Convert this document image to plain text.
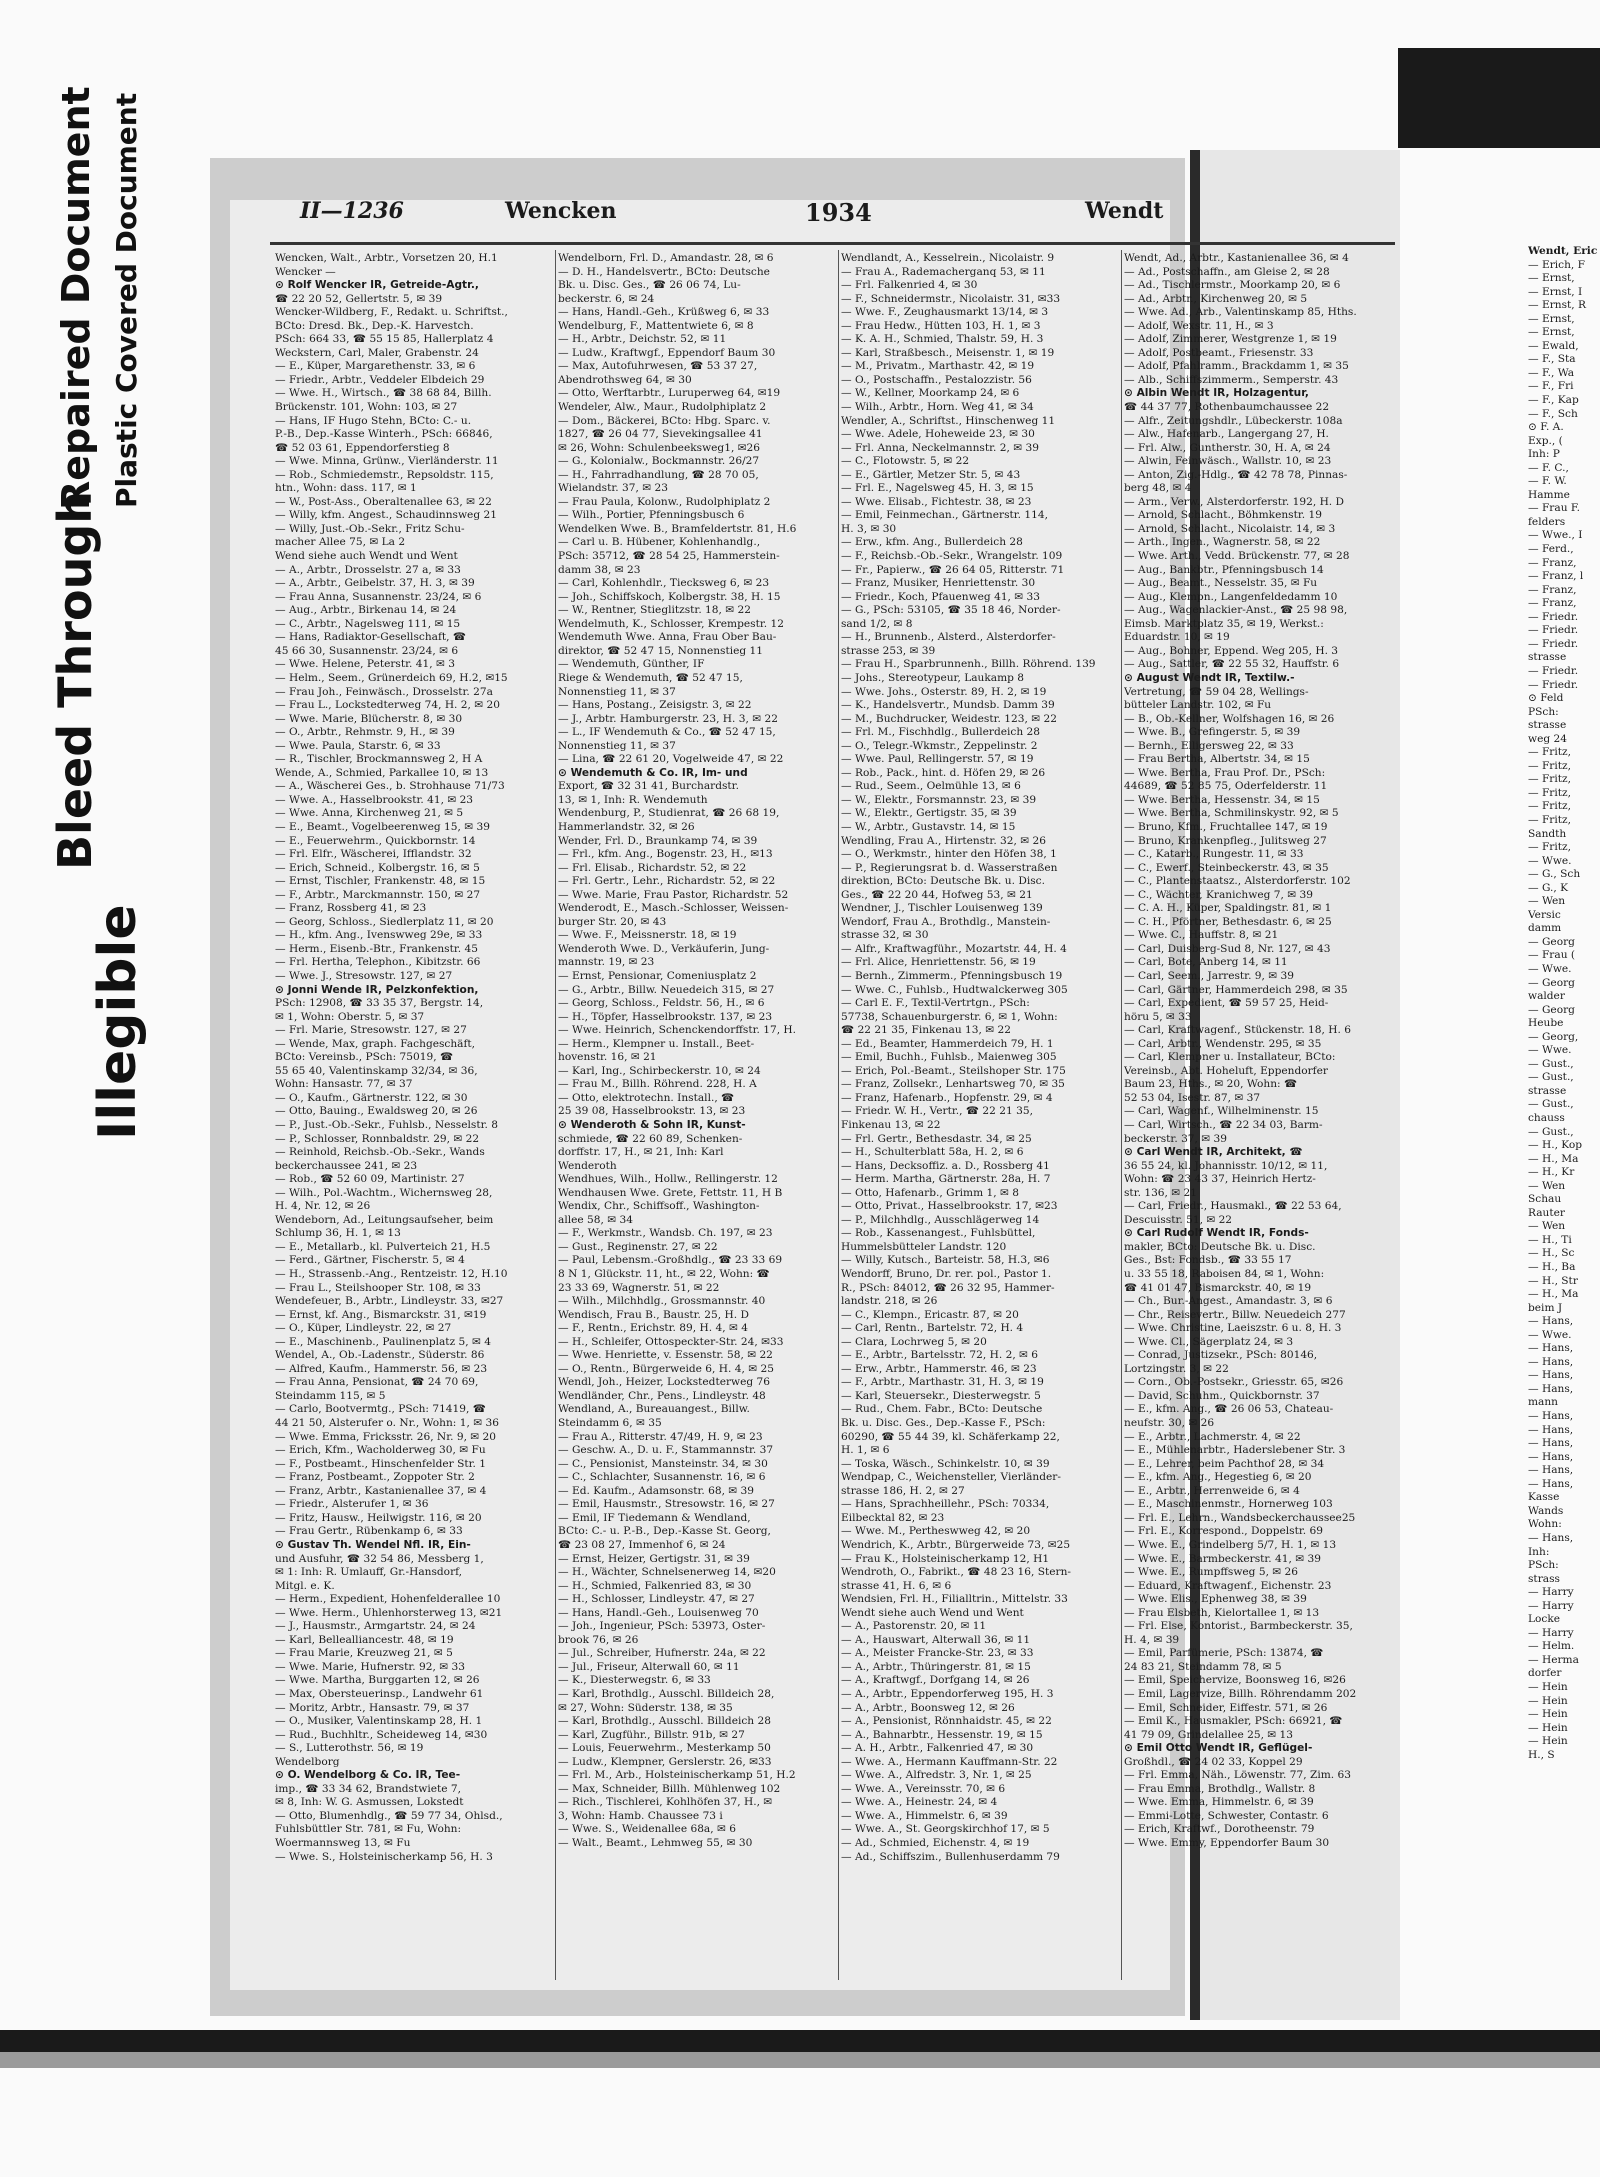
Illegible
Bleed Through
Repaired Document Plastic Covered Document	II—1236	Wencken	1934	Wendt
Wencken, Walt., Arbtr., Vorsetzen 20, H.1
Wencker —
⊙ Rolf Wencker IR, Getreide-Agtr.,
☎ 22 20 52, Gellertstr. 5, ✉ 39
Wencker-Wildberg, F., Redakt. u. Schriftst.,
BCto: Dresd. Bk., Dep.-K. Harvestch.
PSch: 664 33, ☎ 55 15 85, Hallerplatz 4
Weckstern, Carl, Maler, Grabenstr. 24
— E., Küper, Margarethenstr. 33, ✉ 6
— Friedr., Arbtr., Veddeler Elbdeich 29
— Wwe. H., Wirtsch., ☎ 38 68 84, Billh.
Brückenstr. 101, Wohn: 103, ✉ 27
— Hans, IF Hugo Stehn, BCto: C.- u.
P.-B., Dep.-Kasse Winterh., PSch: 66846,
☎ 52 03 61, Eppendorferstieg 8
— Wwe. Minna, Grünw., Vierländerstr. 11
— Rob., Schmiedemstr., Repsoldstr. 115,
htn., Wohn: dass. 117, ✉ 1
— W., Post-Ass., Oberaltenallee 63, ✉ 22
— Willy, kfm. Angest., Schaudinnsweg 21
— Willy, Just.-Ob.-Sekr., Fritz Schu-
macher Allee 75, ✉ La 2
Wend siehe auch Wendt und Went
— A., Arbtr., Drosselstr. 27 a, ✉ 33
— A., Arbtr., Geibelstr. 37, H. 3, ✉ 39
— Frau Anna, Susannenstr. 23/24, ✉ 6
— Aug., Arbtr., Birkenau 14, ✉ 24
— C., Arbtr., Nagelsweg 111, ✉ 15
— Hans, Radiaktor-Gesellschaft, ☎
45 66 30, Susannenstr. 23/24, ✉ 6
— Wwe. Helene, Peterstr. 41, ✉ 3
— Helm., Seem., Grünerdeich 69, H.2, ✉15
— Frau Joh., Feinwäsch., Drosselstr. 27a
— Frau L., Lockstedterweg 74, H. 2, ✉ 20
— Wwe. Marie, Blücherstr. 8, ✉ 30
— O., Arbtr., Rehmstr. 9, H., ✉ 39
— Wwe. Paula, Starstr. 6, ✉ 33
— R., Tischler, Brockmannsweg 2, H A
Wende, A., Schmied, Parkallee 10, ✉ 13
— A., Wäscherei Ges., b. Strohhause 71/73
— Wwe. A., Hasselbrookstr. 41, ✉ 23
— Wwe. Anna, Kirchenweg 21, ✉ 5
— E., Beamt., Vogelbeerenweg 15, ✉ 39
— E., Feuerwehrm., Quickbornstr. 14
— Frl. Elfr., Wäscherei, Ifflandstr. 32
— Erich, Schneid., Kolbergstr. 16, ✉ 5
— Ernst, Tischler, Frankenstr. 48, ✉ 15
— F., Arbtr., Marckmannstr. 150, ✉ 27
— Franz, Rossberg 41, ✉ 23
— Georg, Schloss., Siedlerplatz 11, ✉ 20
— H., kfm. Ang., Ivenswweg 29e, ✉ 33
— Herm., Eisenb.-Btr., Frankenstr. 45
— Frl. Hertha, Telephon., Kibitzstr. 66
— Wwe. J., Stresowstr. 127, ✉ 27
⊙ Jonni Wende IR, Pelzkonfektion,
PSch: 12908, ☎ 33 35 37, Bergstr. 14,
✉ 1, Wohn: Oberstr. 5, ✉ 37
— Frl. Marie, Stresowstr. 127, ✉ 27
— Wende, Max, graph. Fachgeschäft,
BCto: Vereinsb., PSch: 75019, ☎
55 65 40, Valentinskamp 32/34, ✉ 36,
Wohn: Hansastr. 77, ✉ 37
— O., Kaufm., Gärtnerstr. 122, ✉ 30
— Otto, Bauing., Ewaldsweg 20, ✉ 26
— P., Just.-Ob.-Sekr., Fuhlsb., Nesselstr. 8
— P., Schlosser, Ronnbaldstr. 29, ✉ 22
— Reinhold, Reichsb.-Ob.-Sekr., Wands
beckerchaussee 241, ✉ 23
— Rob., ☎ 52 60 09, Martinistr. 27
— Wilh., Pol.-Wachtm., Wichernsweg 28,
H. 4, Nr. 12, ✉ 26
Wendeborn, Ad., Leitungsaufseher, beim
Schlump 36, H. 1, ✉ 13
— E., Metallarb., kl. Pulverteich 21, H.5
— Ferd., Gärtner, Fischerstr. 5, ✉ 4
— H., Strassenb.-Ang., Rentzeistr. 12, H.10
— Frau L., Steilshooper Str. 108, ✉ 33
Wendefeuer, B., Arbtr., Lindleystr. 33, ✉27
— Ernst, kf. Ang., Bismarckstr. 31, ✉19
— O., Küper, Lindleystr. 22, ✉ 27
— E., Maschinenb., Paulinenplatz 5, ✉ 4
Wendel, A., Ob.-Ladenstr., Süderstr. 86
— Alfred, Kaufm., Hammerstr. 56, ✉ 23
— Frau Anna, Pensionat, ☎ 24 70 69,
Steindamm 115, ✉ 5
— Carlo, Bootvermtg., PSch: 71419, ☎
44 21 50, Alsterufer o. Nr., Wohn: 1, ✉ 36
— Wwe. Emma, Fricksstr. 26, Nr. 9, ✉ 20
— Erich, Kfm., Wacholderweg 30, ✉ Fu
— F., Postbeamt., Hinschenfelder Str. 1
— Franz, Postbeamt., Zoppoter Str. 2
— Franz, Arbtr., Kastanienallee 37, ✉ 4
— Friedr., Alsterufer 1, ✉ 36
— Fritz, Hausw., Heilwigstr. 116, ✉ 20
— Frau Gertr., Rübenkamp 6, ✉ 33
⊙ Gustav Th. Wendel Nfl. IR, Ein-
und Ausfuhr, ☎ 32 54 86, Messberg 1,
✉ 1: Inh: R. Umlauff, Gr.-Hansdorf,
Mitgl. e. K.
— Herm., Expedient, Hohenfelderallee 10
— Wwe. Herm., Uhlenhorsterweg 13, ✉21
— J., Hausmstr., Armgartstr. 24, ✉ 24
— Karl, Belleallianсestr. 48, ✉ 19
— Frau Marie, Kreuzweg 21, ✉ 5
— Wwe. Marie, Hufnerstr. 92, ✉ 33
— Wwe. Martha, Burggarten 12, ✉ 26
— Max, Obersteuerinsp., Landwehr 61
— Moritz, Arbtr., Hansastr. 79, ✉ 37
— O., Musiker, Valentinskamp 28, H. 1
— Rud., Buchhltr., Scheideweg 14, ✉30
— S., Lutterothstr. 56, ✉ 19
Wendelborg
⊙ O. Wendelborg & Co. IR, Tee-
imp., ☎ 33 34 62, Brandstwiete 7,
✉ 8, Inh: W. G. Asmussen, Lokstedt
— Otto, Blumenhdlg., ☎ 59 77 34, Ohlsd.,
Fuhlsbüttler Str. 781, ✉ Fu, Wohn:
Woermannsweg 13, ✉ Fu
— Wwe. S., Holsteinischerkamp 56, H. 3
Wendelborn, Frl. D., Amandastr. 28, ✉ 6
— D. H., Handelsvertr., BCto: Deutsche
Bk. u. Disc. Ges., ☎ 26 06 74, Lu-
beckerstr. 6, ✉ 24
— Hans, Handl.-Geh., Krüßweg 6, ✉ 33
Wendelburg, F., Mattentwiete 6, ✉ 8
— H., Arbtr., Deichstr. 52, ✉ 11
— Ludw., Kraftwgf., Eppendorf Baum 30
— Max, Autofuhrwesen, ☎ 53 37 27,
Abendrothsweg 64, ✉ 30
— Otto, Werftarbtr., Luruperweg 64, ✉19
Wendeler, Alw., Maur., Rudolphiplatz 2
— Dom., Bäckerei, BCto: Hbg. Sparc. v.
1827, ☎ 26 04 77, Sievekingsallee 41
✉ 26, Wohn: Schulenbeeksweg1, ✉26
— G., Kolonialw., Bockmannstr. 26/27
— H., Fahrradhandlung, ☎ 28 70 05,
Wielandstr. 37, ✉ 23
— Frau Paula, Kolonw., Rudolphiplatz 2
— Wilh., Portier, Pfenningsbusch 6
Wendelken Wwe. B., Bramfeldertstr. 81, H.6
— Carl u. B. Hübener, Kohlenhandlg.,
PSch: 35712, ☎ 28 54 25, Hammerstein-
damm 38, ✉ 23
— Carl, Kohlenhdlr., Tiecksweg 6, ✉ 23
— Joh., Schiffskoch, Kolbergstr. 38, H. 15
— W., Rentner, Stieglitzstr. 18, ✉ 22
Wendelmuth, K., Schlosser, Krempestr. 12
Wendemuth Wwe. Anna, Frau Ober Bau-
direktor, ☎ 52 47 15, Nonnenstieg 11
— Wendemuth, Günther, IF
Riege & Wendemuth, ☎ 52 47 15,
Nonnenstieg 11, ✉ 37
— Hans, Postang., Zeisigstr. 3, ✉ 22
— J., Arbtr. Hamburgerstr. 23, H. 3, ✉ 22
— L., IF Wendemuth & Co., ☎ 52 47 15,
Nonnenstieg 11, ✉ 37
— Lina, ☎ 22 61 20, Vogelweide 47, ✉ 22
⊙ Wendemuth & Co. IR, Im- und
Export, ☎ 32 31 41, Burchardstr.
13, ✉ 1, Inh: R. Wendemuth
Wendenburg, P., Studienrat, ☎ 26 68 19,
Hammerlandstr. 32, ✉ 26
Wender, Frl. D., Braunkamp 74, ✉ 39
— Frl., kfm. Ang., Bogenstr. 23, H., ✉13
— Frl. Elisab., Richardstr. 52, ✉ 22
— Frl. Gertr., Lehr., Richardstr. 52, ✉ 22
— Wwe. Marie, Frau Pastor, Richardstr. 52
Wenderodt, E., Masch.-Schlosser, Weissen-
burger Str. 20, ✉ 43
— Wwe. F., Meissnerstr. 18, ✉ 19
Wenderoth Wwe. D., Verkäuferin, Jung-
mannstr. 19, ✉ 23
— Ernst, Pensionar, Comeniusplatz 2
— G., Arbtr., Billw. Neuedeich 315, ✉ 27
— Georg, Schloss., Feldstr. 56, H., ✉ 6
— H., Töpfer, Hasselbrookstr. 137, ✉ 23
— Wwe. Heinrich, Schenckendorffstr. 17, H.
— Herm., Klempner u. Install., Beet-
hovenstr. 16, ✉ 21
— Karl, Ing., Schirbeckerstr. 10, ✉ 24
— Frau M., Billh. Röhrend. 228, H. A
— Otto, elektrotechn. Install., ☎
25 39 08, Hasselbrookstr. 13, ✉ 23
⊙ Wenderoth & Sohn IR, Kunst-
schmiede, ☎ 22 60 89, Schenken-
dorffstr. 17, H., ✉ 21, Inh: Karl
Wenderoth
Wendhues, Wilh., Hollw., Rellingerstr. 12
Wendhausen Wwe. Grete, Fettstr. 11, H B
Wendix, Chr., Schiffsoff., Washington-
allee 58, ✉ 34
— F., Werkmstr., Wandsb. Ch. 197, ✉ 23
— Gust., Reginenstr. 27, ✉ 22
— Paul, Lebensm.-Großhdlg., ☎ 23 33 69
8 N 1, Glückstr. 11, ht., ✉ 22, Wohn: ☎
23 33 69, Wagnerstr. 51, ✉ 22
— Wilh., Milchhdlg., Grossmannstr. 40
Wendisch, Frau B., Baustr. 25, H. D
— F., Rentn., Erichstr. 89, H. 4, ✉ 4
— H., Schleifer, Ottospeckter-Str. 24, ✉33
— Wwe. Henriette, v. Essenstr. 58, ✉ 22
— O., Rentn., Bürgerweide 6, H. 4, ✉ 25
Wendl, Joh., Heizer, Lockstedterweg 76
Wendländer, Chr., Pens., Lindleystr. 48
Wendland, A., Bureauangest., Billw.
Steindamm 6, ✉ 35
— Frau A., Ritterstr. 47/49, H. 9, ✉ 23
— Geschw. A., D. u. F., Stammannstr. 37
— C., Pensionist, Mansteinstr. 34, ✉ 30
— C., Schlachter, Susannenstr. 16, ✉ 6
— Ed. Kaufm., Adamsonstr. 68, ✉ 39
— Emil, Hausmstr., Stresowstr. 16, ✉ 27
— Emil, IF Tiedemann & Wendland,
BCto: C.- u. P.-B., Dep.-Kasse St. Georg,
☎ 23 08 27, Immenhof 6, ✉ 24
— Ernst, Heizer, Gertigstr. 31, ✉ 39
— H., Wächter, Schnelsenerweg 14, ✉20
— H., Schmied, Falkenried 83, ✉ 30
— H., Schlosser, Lindleystr. 47, ✉ 27
— Hans, Handl.-Geh., Louisenweg 70
— Joh., Ingenieur, PSch: 53973, Oster-
brook 76, ✉ 26
— Jul., Schreiber, Hufnerstr. 24a, ✉ 22
— Jul., Friseur, Alterwall 60, ✉ 11
— K., Diesterwegstr. 6, ✉ 33
— Karl, Brothdlg., Ausschl. Billdeich 28,
✉ 27, Wohn: Süderstr. 138, ✉ 35
— Karl, Brothdlg., Ausschl. Billdeich 28
— Karl, Zugführ., Billstr. 91b, ✉ 27
— Louis, Feuerwehrm., Mesterkamp 50
— Ludw., Klempner, Gerslerstr. 26, ✉33
— Frl. M., Arb., Holsteinischerkamp 51, H.2
— Max, Schneider, Billh. Mühlenweg 102
— Rich., Tischlerei, Kohlhöfen 37, H., ✉
3, Wohn: Hamb. Chaussee 73 i
— Wwe. S., Weidenallee 68a, ✉ 6
— Walt., Beamt., Lehmweg 55, ✉ 30
Wendlandt, A., Kesselrein., Nicolaistr. 9
— Frau A., Rademacherganq 53, ✉ 11
— Frl. Falkenried 4, ✉ 30
— F., Schneidermstr., Nicolaistr. 31, ✉33
— Wwe. F., Zeughausmarkt 13/14, ✉ 3
— Frau Hedw., Hütten 103, H. 1, ✉ 3
— K. A. H., Schmied, Thalstr. 59, H. 3
— Karl, Straßbesch., Meisenstr. 1, ✉ 19
— M., Privatm., Marthastr. 42, ✉ 19
— O., Postschaffn., Pestalozzistr. 56
— W., Kellner, Moorkamp 24, ✉ 6
— Wilh., Arbtr., Horn. Weg 41, ✉ 34
Wendler, A., Schriftst., Hinschenweg 11
— Wwe. Adele, Hoheweide 23, ✉ 30
— Frl. Anna, Neckelmannstr. 2, ✉ 39
— C., Flotowstr. 5, ✉ 22
— E., Gärtler, Metzer Str. 5, ✉ 43
— Frl. E., Nagelsweg 45, H. 3, ✉ 15
— Wwe. Elisab., Fichtestr. 38, ✉ 23
— Emil, Feinmechan., Gärtnerstr. 114,
H. 3, ✉ 30
— Erw., kfm. Ang., Bullerdeich 28
— F., Reichsb.-Ob.-Sekr., Wrangelstr. 109
— Fr., Papierw., ☎ 26 64 05, Ritterstr. 71
— Franz, Musiker, Henriettenstr. 30
— Friedr., Koch, Pfauenweg 41, ✉ 33
— G., PSch: 53105, ☎ 35 18 46, Norder-
sand 1/2, ✉ 8
— H., Brunnenb., Alsterd., Alsterdorfer-
strasse 253, ✉ 39
— Frau H., Sparbrunnenh., Billh. Röhrend. 139
— Johs., Stereotypeur, Laukamp 8
— Wwe. Johs., Osterstr. 89, H. 2, ✉ 19
— K., Handelsvertr., Mundsb. Damm 39
— M., Buchdrucker, Weidestr. 123, ✉ 22
— Frl. M., Fischhdlg., Bullerdeich 28
— O., Telegr.-Wkmstr., Zeppelinstr. 2
— Wwe. Paul, Rellingerstr. 57, ✉ 19
— Rob., Pack., hint. d. Höfen 29, ✉ 26
— Rud., Seem., Oelmühle 13, ✉ 6
— W., Elektr., Forsmannstr. 23, ✉ 39
— W., Elektr., Gertigstr. 35, ✉ 39
— W., Arbtr., Gustavstr. 14, ✉ 15
Wendling, Frau A., Hirtenstr. 32, ✉ 26
— O., Werkmstr., hinter den Höfen 38, 1
— P., Regierungsrat b. d. Wasserstraßen
direktion, BCto: Deutsche Bk. u. Disc.
Ges., ☎ 22 20 44, Hofweg 53, ✉ 21
Wendner, J., Tischler Louisenweg 139
Wendorf, Frau A., Brothdlg., Manstein-
strasse 32, ✉ 30
— Alfr., Kraftwagführ., Mozartstr. 44, H. 4
— Frl. Alice, Henriettenstr. 56, ✉ 19
— Bernh., Zimmerm., Pfenningsbusch 19
— Wwe. C., Fuhlsb., Hudtwalckerweg 305
— Carl E. F., Textil-Vertrtgn., PSch:
57738, Schauenburgerstr. 6, ✉ 1, Wohn:
☎ 22 21 35, Finkenau 13, ✉ 22
— Ed., Beamter, Hammerdeich 79, H. 1
— Emil, Buchh., Fuhlsb., Maienweg 305
— Erich, Pol.-Beamt., Steilshoper Str. 175
— Franz, Zollsekr., Lenhartsweg 70, ✉ 35
— Franz, Hafenarb., Hopfenstr. 29, ✉ 4
— Friedr. W. H., Vertr., ☎ 22 21 35,
Finkenau 13, ✉ 22
— Frl. Gertr., Bethesdastr. 34, ✉ 25
— H., Schulterblatt 58a, H. 2, ✉ 6
— Hans, Decksoffiz. a. D., Rossberg 41
— Herm. Martha, Gärtnerstr. 28a, H. 7
— Otto, Hafenarb., Grimm 1, ✉ 8
— Otto, Privat., Hasselbrookstr. 17, ✉23
— P., Milchhdlg., Ausschlägerweg 14
— Rob., Kassenangest., Fuhlsbüttel,
Hummelsbütteler Landstr. 120
— Willy, Kutsch., Barteistr. 58, H.3, ✉6
Wendorff, Bruno, Dr. rer. pol., Pastor 1.
R., PSch: 84012, ☎ 26 32 95, Hammer-
landstr. 218, ✉ 26
— C., Klempn., Ericastr. 87, ✉ 20
— Carl, Rentn., Bartelstr. 72, H. 4
— Clara, Lochrweg 5, ✉ 20
— E., Arbtr., Bartelsstr. 72, H. 2, ✉ 6
— Erw., Arbtr., Hammerstr. 46, ✉ 23
— F., Arbtr., Marthastr. 31, H. 3, ✉ 19
— Karl, Steuersekr., Diesterwegstr. 5
— Rud., Chem. Fabr., BCto: Deutsche
Bk. u. Disc. Ges., Dep.-Kasse F., PSch:
60290, ☎ 55 44 39, kl. Schäferkamp 22,
H. 1, ✉ 6
— Toska, Wäsch., Schinkelstr. 10, ✉ 39
Wendpap, C., Weichensteller, Vierländer-
strasse 186, H. 2, ✉ 27
— Hans, Sprachheillehr., PSch: 70334,
Eilbecktal 82, ✉ 23
— Wwe. M., Pertheswweg 42, ✉ 20
Wendrich, K., Arbtr., Bürgerweide 73, ✉25
— Frau K., Holsteinischerkamp 12, H1
Wendroth, O., Fabrikt., ☎ 48 23 16, Stern-
strasse 41, H. 6, ✉ 6
Wendsien, Frl. H., Filialltrin., Mittelstr. 33
Wendt siehe auch Wend und Went
— A., Pastorenstr. 20, ✉ 11
— A., Hauswart, Alterwall 36, ✉ 11
— A., Meister Francke-Str. 23, ✉ 33
— A., Arbtr., Thüringerstr. 81, ✉ 15
— A., Kraftwgf., Dorfgang 14, ✉ 26
— A., Arbtr., Eppendorferweg 195, H. 3
— A., Arbtr., Boonsweg 12, ✉ 26
— A., Pensionist, Rönnhaidstr. 45, ✉ 22
— A., Bahnarbtr., Hessenstr. 19, ✉ 15
— A. H., Arbtr., Falkenried 47, ✉ 30
— Wwe. A., Hermann Kauffmann-Str. 22
— Wwe. A., Alfredstr. 3, Nr. 1, ✉ 25
— Wwe. A., Vereinsstr. 70, ✉ 6
— Wwe. A., Heinestr. 24, ✉ 4
— Wwe. A., Himmelstr. 6, ✉ 39
— Wwe. A., St. Georgskirchhof 17, ✉ 5
— Ad., Schmied, Eichenstr. 4, ✉ 19
— Ad., Schiffszim., Bullenhuserdamm 79
Wendt, Ad., Arbtr., Kastanienallee 36, ✉ 4
— Ad., Postschaffn., am Gleise 2, ✉ 28
— Ad., Tischlermstr., Moorkamp 20, ✉ 6
— Ad., Arbtr., Kirchenweg 20, ✉ 5
— Wwe. Ad., Arb., Valentinskamp 85, Hths.
— Adolf, Wexstr. 11, H., ✉ 3
— Adolf, Zimmerer, Westgrenze 1, ✉ 19
— Adolf, Postbeamt., Friesenstr. 33
— Adolf, Pfahlramm., Brackdamm 1, ✉ 35
— Alb., Schiffszimmerm., Semperstr. 43
⊙ Albin Wendt IR, Holzagentur,
☎ 44 37 77, Rothenbaumchaussee 22
— Alfr., Zeitungshdlr., Lübeckerstr. 108a
— Alw., Hafenarb., Langergang 27, H.
— Frl. Alw., Guntherstr. 30, H. A, ✉ 24
— Alwin, Feinwäsch., Wallstr. 10, ✉ 23
— Anton, Zig.-Hdlg., ☎ 42 78 78, Pinnas-
berg 48, ✉ 4
— Arm., Verw., Alsterdorferstr. 192, H. D
— Arnold, Schlacht., Böhmkenstr. 19
— Arnold, Schlacht., Nicolaistr. 14, ✉ 3
— Arth., Ingen., Wagnerstr. 58, ✉ 22
— Wwe. Arth., Vedd. Brückenstr. 77, ✉ 28
— Aug., Bankbtr., Pfenningsbusch 14
— Aug., Beamt., Nesselstr. 35, ✉ Fu
— Aug., Klempn., Langenfeldedamm 10
— Aug., Wagenlackier-Anst., ☎ 25 98 98,
Eimsb. Marktplatz 35, ✉ 19, Werkst.:
Eduardstr. 10, ✉ 19
— Aug., Bohner, Eppend. Weg 205, H. 3
— Aug., Sattler, ☎ 22 55 32, Hauffstr. 6
⊙ August Wendt IR, Textilw.-
Vertretung, ☎ 59 04 28, Wellings-
bütteler Landstr. 102, ✉ Fu
— B., Ob.-Kellner, Wolfshagen 16, ✉ 26
— Wwe. B., Grefingerstr. 5, ✉ 39
— Bernh., Elligersweg 22, ✉ 33
— Frau Bertha, Albertstr. 34, ✉ 15
— Wwe. Bertha, Frau Prof. Dr., PSch:
44689, ☎ 52 85 75, Oderfelderstr. 11
— Wwe. Bertha, Hessenstr. 34, ✉ 15
— Wwe. Bertha, Schmilinskystr. 92, ✉ 5
— Bruno, Kfm., Fruchtallee 147, ✉ 19
— Bruno, Krankenpfleg., Julitsweg 27
— C., Katarb., Rungestr. 11, ✉ 33
— C., Ewerf., Steinbeckerstr. 43, ✉ 35
— C., Plantenstaatsz., Alsterdorferstr. 102
— C., Wächter, Kranichweg 7, ✉ 39
— C. A. H., Küper, Spaldingstr. 81, ✉ 1
— C. H., Pförtner, Bethesdastr. 6, ✉ 25
— Wwe. C., Hauffstr. 8, ✉ 21
— Carl, Duisberg-Sud 8, Nr. 127, ✉ 43
— Carl, Bote, Anberg 14, ✉ 11
— Carl, Seem., Jarrestr. 9, ✉ 39
— Carl, Gärtner, Hammerdeich 298, ✉ 35
— Carl, Expedient, ☎ 59 57 25, Heid-
höru 5, ✉ 33
— Carl, Kraftwagenf., Stückenstr. 18, H. 6
— Carl, Arbtr., Wendenstr. 295, ✉ 35
— Carl, Klempner u. Installateur, BCto:
Vereinsb., Abt. Hoheluft, Eppendorfer
Baum 23, Hths., ✉ 20, Wohn: ☎
52 53 04, Isestr. 87, ✉ 37
— Carl, Wagenf., Wilhelminenstr. 15
— Carl, Wirtsch., ☎ 22 34 03, Barm-
beckerstr. 37, ✉ 39
⊙ Carl Wendt IR, Architekt, ☎
36 55 24, kl. Johannisstr. 10/12, ✉ 11,
Wohn: ☎ 23 43 37, Heinrich Hertz-
str. 136, ✉ 21
— Carl, Friedr., Hausmakl., ☎ 22 53 64,
Descuisstr. 51, ✉ 22
⊙ Carl Rudolf Wendt IR, Fonds-
makler, BCto: Deutsche Bk. u. Disc.
Ges., Bst: Fondsb., ☎ 33 55 17
u. 33 55 18, Raboisen 84, ✉ 1, Wohn:
☎ 41 01 47, Bismarckstr. 40, ✉ 19
— Ch., Bur.-Angest., Amandastr. 3, ✉ 6
— Chr., Reisevertr., Billw. Neuedeich 277
— Wwe. Christine, Laeiszstr. 6 u. 8, H. 3
— Wwe. Cl., Sägerplatz 24, ✉ 3
— Conrad, Justizsekr., PSch: 80146,
Lortzingstr. 3, ✉ 22
— Corn., Ob.-Postsekr., Griesstr. 65, ✉26
— David, Schuhm., Quickbornstr. 37
— E., kfm. Ang., ☎ 26 06 53, Chateau-
neufstr. 30, ✉ 26
— E., Arbtr., Lachmerstr. 4, ✉ 22
— E., Mühlenarbtr., Haderslebener Str. 3
— E., Lehrer, beim Pachthof 28, ✉ 34
— E., kfm. Ang., Hegestieg 6, ✉ 20
— E., Arbtr., Herrenweide 6, ✉ 4
— E., Maschinenmstr., Hornerweg 103
— Frl. E., Lehrn., Wandsbeckerchaussee25
— Frl. E., Korrespond., Doppelstr. 69
— Wwe. E., Grindelberg 5/7, H. 1, ✉ 13
— Wwe. E., Barmbeckerstr. 41, ✉ 39
— Wwe. E., Rumpffsweg 5, ✉ 26
— Eduard, Kraftwagenf., Eichenstr. 23
— Wwe. Elis., Ephenweg 38, ✉ 39
— Frau Elsbeth, Kielortallee 1, ✉ 13
— Frl. Else, Kontorist., Barmbeckerstr. 35,
H. 4, ✉ 39
— Emil, Parfümerie, PSch: 13874, ☎
24 83 21, Steindamm 78, ✉ 5
— Emil, Speichervize, Boonsweg 16, ✉26
— Emil, Lagervize, Billh. Röhrendamm 202
— Emil, Schneider, Eiffestr. 571, ✉ 26
— Emil K., Hausmakler, PSch: 66921, ☎
41 79 09, Grindelallee 25, ✉ 13
⊙ Emil Otto Wendt IR, Geflügel-
Großhdl., ☎ 24 02 33, Koppel 29
— Frl. Emma, Näh., Löwenstr. 77, Zim. 63
— Frau Emma, Brothdlg., Wallstr. 8
— Wwe. Emma, Himmelstr. 6, ✉ 39
— Emmi-Lotte, Schwester, Contastr. 6
— Erich, Kraftwf., Dorotheenstr. 79
— Wwe. Emmy, Eppendorfer Baum 30
Wendt, Eric
— Erich, F
— Ernst,
— Ernst, I
— Ernst, R
— Ernst,
— Ernst,
— Ewald,
— F., Sta
— F., Wa
— F., Fri
— F., Kap
— F., Sch
⊙ F. A.
Exp., (
Inh: P
— F. C.,
— F. W.
Hamme
— Frau F.
felders
— Wwe., I
— Ferd.,
— Franz,
— Franz, l
— Franz,
— Franz,
— Friedr.
— Friedr.
— Friedr.
strasse
— Friedr.
— Friedr.
⊙ Feld
PSch:
strasse
weg 24
— Fritz,
— Fritz,
— Fritz,
— Fritz,
— Fritz,
— Fritz,
Sandth
— Fritz,
— Wwe.
— G., Sch
— G., K
— Wen
Versic
damm
— Georg
— Frau (
— Wwe.
— Georg
walder
— Georg
Heube
— Georg,
— Wwe.
— Gust.,
— Gust.,
strasse
— Gust.,
chauss
— Gust.,
— H., Kop
— H., Ma
— H., Kr
— Wen
Schau
Rauter
— Wen
— H., Ti
— H., Sc
— H., Ba
— H., Str
— H., Ma
beim J
— Hans,
— Wwe.
— Hans,
— Hans,
— Hans,
— Hans,
mann
— Hans,
— Hans,
— Hans,
— Hans,
— Hans,
— Hans,
Kasse
Wands
Wohn:
— Hans,
Inh:
PSch:
strass
— Harry
— Harry
Locke
— Harry
— Helm.
— Herma
dorfer
— Hein
— Hein
— Hein
— Hein
— Hein
H., S
